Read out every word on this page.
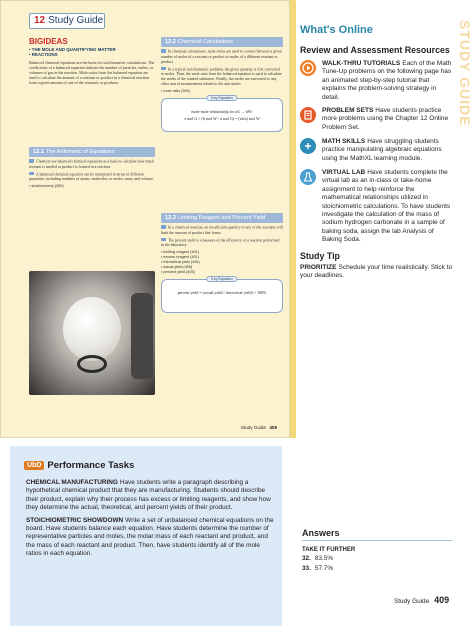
12 Study Guide
BIGIDEAS
• THE MOLE AND QUANTIFYING MATTER
• REACTIONS
Balanced chemical equations are the basis for stoichiometric calculations. The coefficients of a balanced equation indicate the number of particles, moles, or volumes of gas in the reaction. Mole ratios from the balanced equation are used to calculate the amount of a reactant or product in a chemical reaction from a given amount of one of the reactants or products.
12.1 The Arithmetic of Equations
Chemists use balanced chemical equations as a basis to calculate how much reactant is needed or product is formed in a reaction.
A balanced chemical equation can be interpreted in terms of different quantities, including numbers of atoms, molecules, or moles; mass; and volume.
• stoichiometry (390)
12.2 Chemical Calculations
In chemical calculations, mole ratios are used to convert between a given number of moles of a reactant or product to moles of a different reactant or product.
In a typical stoichiometric problem, the given quantity is first converted to moles. Then, the mole ratio from the balanced equation is used to calculate the moles of the wanted substance. Finally, the moles are converted to any other unit of measurement related to the unit moles.
• mole ratio (390)
Key Equation
mole-mole relationship for aG → bW:
x mol G × (b mol W / a mol G) = (xb/a) mol W
12.3 Limiting Reagent and Percent Yield
In a chemical reaction, an insufficient quantity of any of the reactants will limit the amount of product that forms.
The percent yield is a measure of the efficiency of a reaction performed in the laboratory.
• limiting reagent (401)
• excess reagent (401)
• theoretical yield (405)
• actual yield (405)
• percent yield (405)
Key Equation
percent yield = (actual yield / theoretical yield) × 100%
Study Guide 409
What's Online
Review and Assessment Resources
WALK-THRU TUTORIALS Each of the Math Tune-Up problems on the following page has an animated step-by-step tutorial that explains the problem-solving strategy in detail.
PROBLEM SETS Have students practice more problems using the Chapter 12 Online Problem Set.
MATH SKILLS Have struggling students practice manipulating algebraic equations using the MathXL learning module.
VIRTUAL LAB Have students complete the virtual lab as an in-class or take-home assignment to help reinforce the mathematical relationships utilized in stoichiometric calculations. To have students investigate the calculation of the mass of sodium hydrogen carbonate in a sample of baking soda, assign the lab Analysis of Baking Soda.
Study Tip
PRIORITIZE Schedule your time realistically. Stick to your deadlines.
STUDY GUIDE
UbD Performance Tasks

CHEMICAL MANUFACTURING Have students write a paragraph describing a hypothetical chemical product that they are manufacturing. Students should describe their product, explain why their process has excess or limiting reagents, and show how they determine the actual, theoretical, and percent yields of their product.

STOICHIOMETRIC SHOWDOWN Write a set of unbalanced chemical equations on the board. Have students balance each equation. Have students determine the number of representative particles and moles, the molar mass of each reactant and product, and the mass of each reactant and product. Then, have students identify all of the mole ratios in each equation.

Answers
TAKE IT FURTHER
32. 83.5%
33. 57.7%
Study Guide 409
